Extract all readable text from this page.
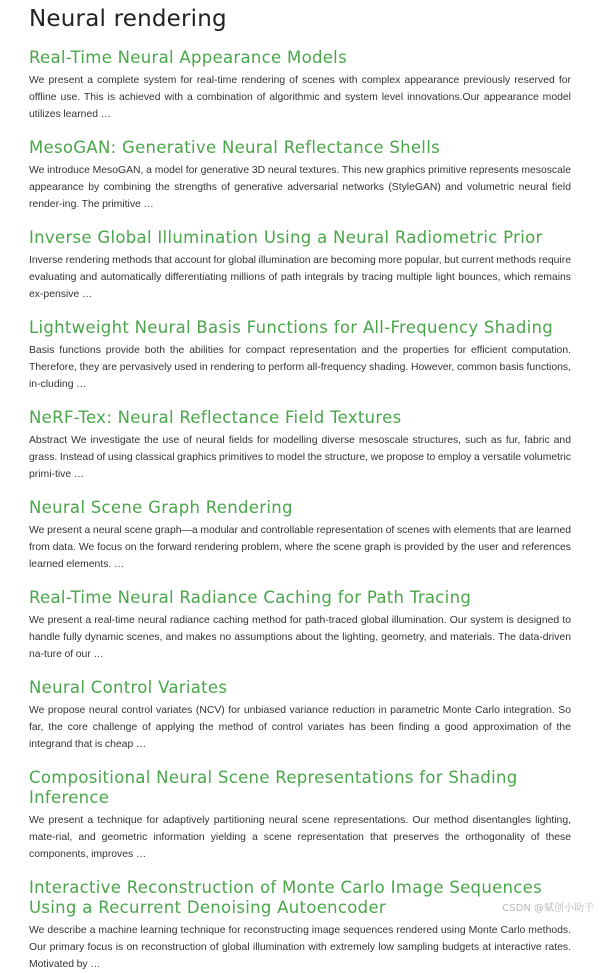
Neural rendering
Real-Time Neural Appearance Models

We present a complete system for real-time rendering of scenes with complex appearance previously reserved for offline use. This is achieved with a combination of algorithmic and system level innovations.Our appearance model utilizes learned …

MesoGAN: Generative Neural Reflectance Shells

We introduce MesoGAN, a model for generative 3D neural textures. This new graphics primitive represents mesoscale appearance by combining the strengths of generative adversarial networks (StyleGAN) and volumetric neural field render-ing. The primitive …

Inverse Global Illumination Using a Neural Radiometric Prior

Inverse rendering methods that account for global illumination are becoming more popular, but current methods require evaluating and automatically differentiating millions of path integrals by tracing multiple light bounces, which remains ex-pensive …

Lightweight Neural Basis Functions for All-Frequency Shading

Basis functions provide both the abilities for compact representation and the properties for efficient computation. Therefore, they are pervasively used in rendering to perform all-frequency shading. However, common basis functions, in-cluding …

NeRF-Tex: Neural Reflectance Field Textures

Abstract We investigate the use of neural fields for modelling diverse mesoscale structures, such as fur, fabric and grass. Instead of using classical graphics primitives to model the structure, we propose to employ a versatile volumetric primi-tive …

Neural Scene Graph Rendering

We present a neural scene graph—a modular and controllable representation of scenes with elements that are learned from data. We focus on the forward rendering problem, where the scene graph is provided by the user and references learned elements. …

Real-Time Neural Radiance Caching for Path Tracing

We present a real-time neural radiance caching method for path-traced global illumination. Our system is designed to handle fully dynamic scenes, and makes no assumptions about the lighting, geometry, and materials. The data-driven na-ture of our …

Neural Control Variates

We propose neural control variates (NCV) for unbiased variance reduction in parametric Monte Carlo integration. So far, the core challenge of applying the method of control variates has been finding a good approximation of the integrand that is cheap …

Compositional Neural Scene Representations for Shading Inference

We present a technique for adaptively partitioning neural scene representations. Our method disentangles lighting, mate-rial, and geometric information yielding a scene representation that preserves the orthogonality of these components, improves …

Interactive Reconstruction of Monte Carlo Image Sequences Using a Recurrent Denoising Autoencoder

We describe a machine learning technique for reconstructing image sequences rendered using Monte Carlo methods. Our primary focus is on reconstruction of global illumination with extremely low sampling budgets at interactive rates. Motivated by …

CSDN @赋创小助手
